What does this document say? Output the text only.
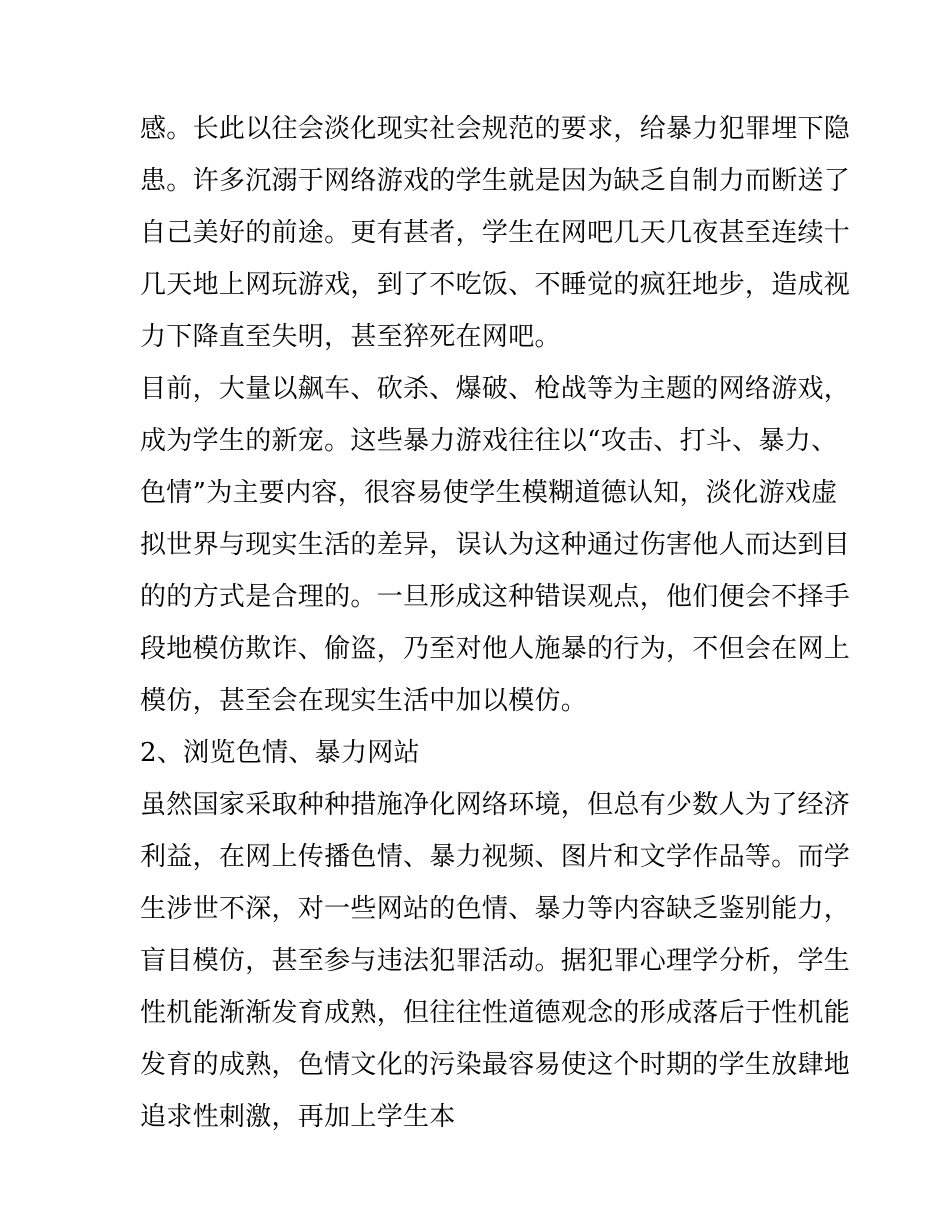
感。长此以往会淡化现实社会规范的要求，给暴力犯罪埋下隐
患。许多沉溺于网络游戏的学生就是因为缺乏自制力而断送了
自己美好的前途。更有甚者，学生在网吧几天几夜甚至连续十
几天地上网玩游戏，到了不吃饭、不睡觉的疯狂地步，造成视
力下降直至失明，甚至猝死在网吧。
目前，大量以飙车、砍杀、爆破、枪战等为主题的网络游戏，
成为学生的新宠。这些暴力游戏往往以“攻击、打斗、暴力、
色情”为主要内容，很容易使学生模糊道德认知，淡化游戏虚
拟世界与现实生活的差异，误认为这种通过伤害他人而达到目
的的方式是合理的。一旦形成这种错误观点，他们便会不择手
段地模仿欺诈、偷盗，乃至对他人施暴的行为，不但会在网上
模仿，甚至会在现实生活中加以模仿。
2、浏览色情、暴力网站
虽然国家采取种种措施净化网络环境，但总有少数人为了经济
利益，在网上传播色情、暴力视频、图片和文学作品等。而学
生涉世不深，对一些网站的色情、暴力等内容缺乏鉴别能力，
盲目模仿，甚至参与违法犯罪活动。据犯罪心理学分析，学生
性机能渐渐发育成熟，但往往性道德观念的形成落后于性机能
发育的成熟，色情文化的污染最容易使这个时期的学生放肆地
追求性刺激，再加上学生本
